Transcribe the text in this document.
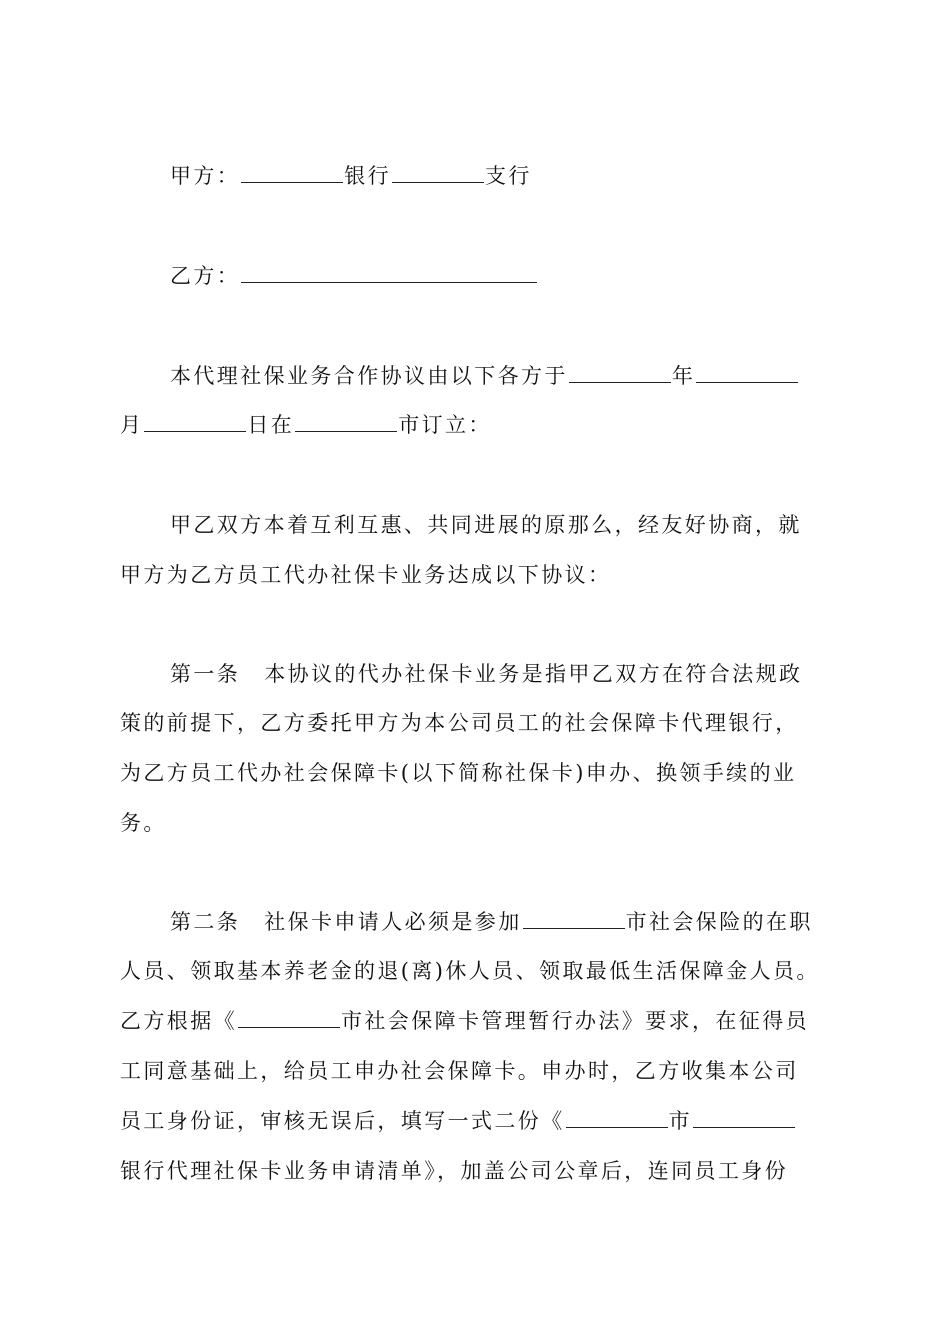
甲方：	银行	支行
乙方：
本代理社保业务合作协议由以下各方于	年
月	日在	市订立：
甲乙双方本着互利互惠、共同进展的原那么，经友好协商，就
甲方为乙方员工代办社保卡业务达成以下协议：
第一条 本协议的代办社保卡业务是指甲乙双方在符合法规政
策的前提下，乙方委托甲方为本公司员工的社会保障卡代理银行，
为乙方员工代办社会保障卡(以下简称社保卡)申办、换领手续的业
务。
第二条 社保卡申请人必须是参加	市社会保险的在职
人员、领取基本养老金的退(离)休人员、领取最低生活保障金人员。
乙方根据《	市社会保障卡管理暂行办法》要求，在征得员
工同意基础上，给员工申办社会保障卡。申办时，乙方收集本公司
员工身份证，审核无误后，填写一式二份《	市
银行代理社保卡业务申请清单》，加盖公司公章后，连同员工身份
